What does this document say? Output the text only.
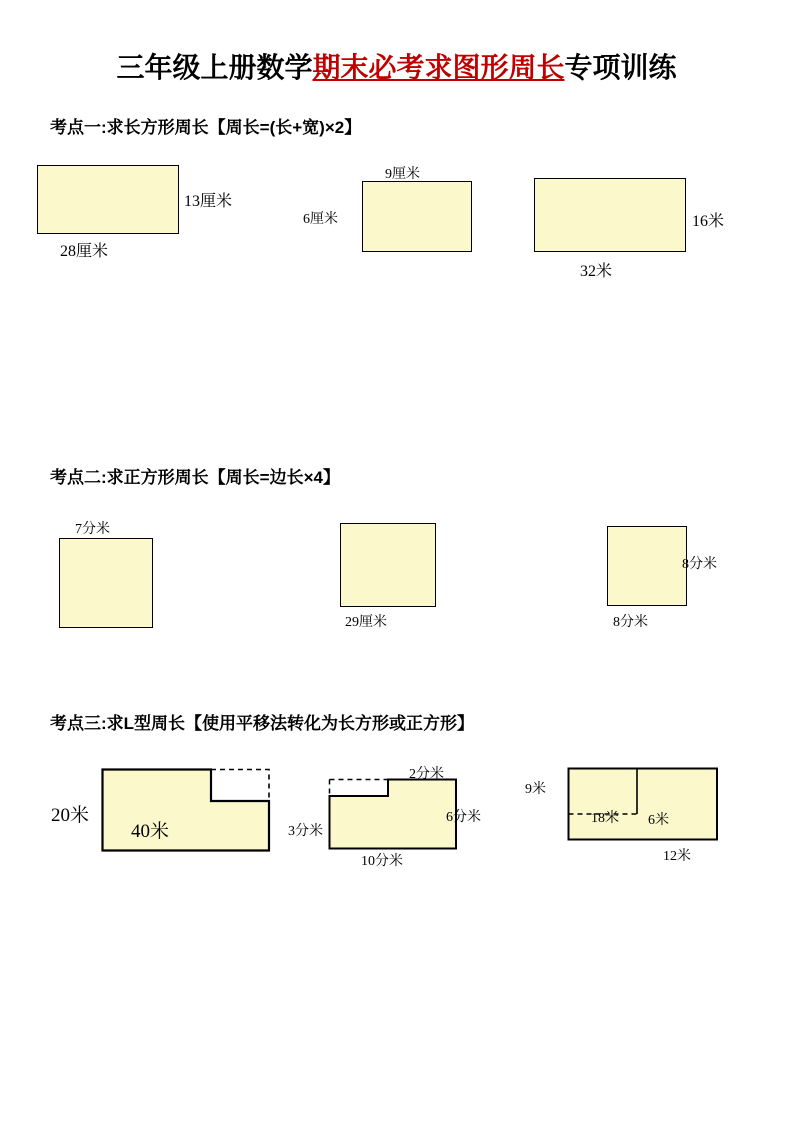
三年级上册数学期末必考求图形周长专项训练
考点一:求长方形周长【周长=(长+宽)×2】
13厘米
28厘米
9厘米
6厘米	16米
32米
考点二:求正方形周长【周长=边长×4】
7分米
29厘米
8分米
8分米
考点三:求L型周长【使用平移法转化为长方形或正方形】
20米
40米
2分米
6分米
3分米
10分米
9米
18米 6米
12米
